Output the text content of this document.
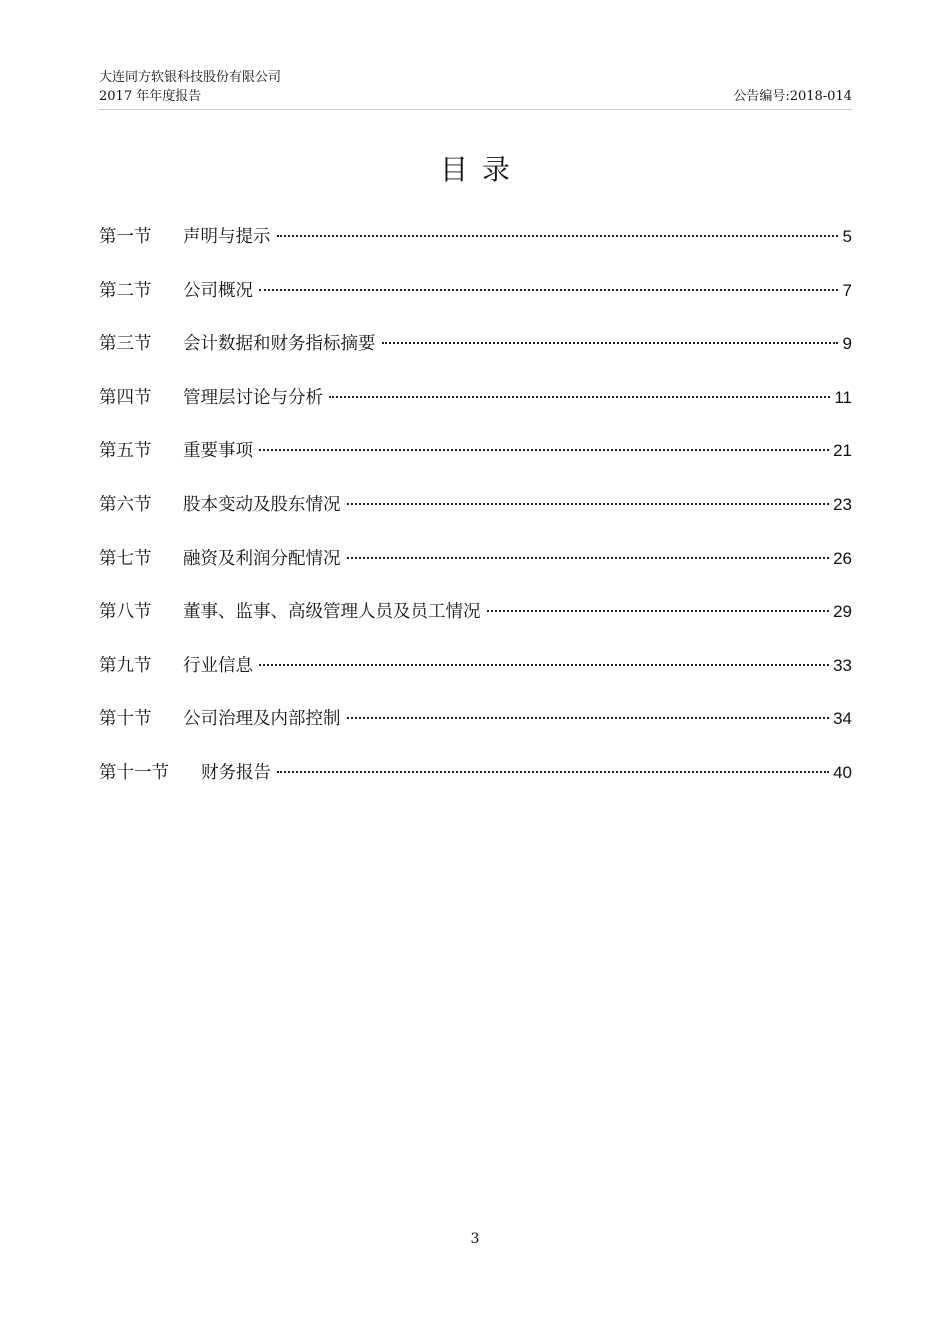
大连同方软银科技股份有限公司
2017 年年度报告	公告编号:2018-014
目录
第一节	声明与提示	5
第二节	公司概况	7
第三节	会计数据和财务指标摘要	9
第四节	管理层讨论与分析	11
第五节	重要事项	21
第六节	股本变动及股东情况	23
第七节	融资及利润分配情况	26
第八节	董事、监事、高级管理人员及员工情况	29
第九节	行业信息	33
第十节	公司治理及内部控制	34
第十一节	财务报告	40
3
